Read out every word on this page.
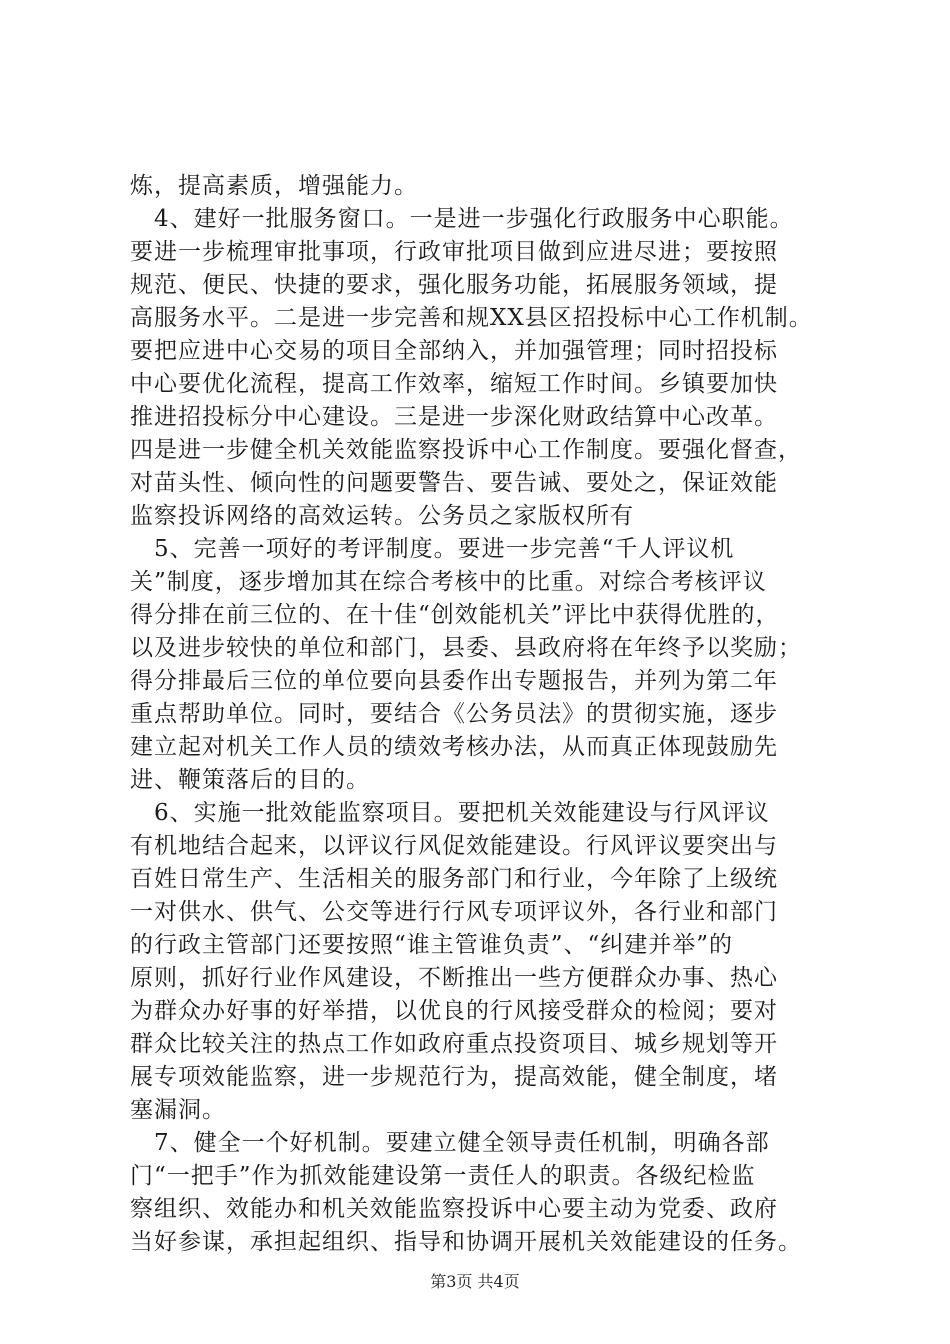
炼，提高素质，增强能力。
　4、建好一批服务窗口。一是进一步强化行政服务中心职能。
要进一步梳理审批事项，行政审批项目做到应进尽进；要按照
规范、便民、快捷的要求，强化服务功能，拓展服务领域，提
高服务水平。二是进一步完善和规XX县区招投标中心工作机制。
要把应进中心交易的项目全部纳入，并加强管理；同时招投标
中心要优化流程，提高工作效率，缩短工作时间。乡镇要加快
推进招投标分中心建设。三是进一步深化财政结算中心改革。
四是进一步健全机关效能监察投诉中心工作制度。要强化督查，
对苗头性、倾向性的问题要警告、要告诫、要处之，保证效能
监察投诉网络的高效运转。公务员之家版权所有
　5、完善一项好的考评制度。要进一步完善“千人评议机
关”制度，逐步增加其在综合考核中的比重。对综合考核评议
得分排在前三位的、在十佳“创效能机关”评比中获得优胜的，
以及进步较快的单位和部门，县委、县政府将在年终予以奖励；
得分排最后三位的单位要向县委作出专题报告，并列为第二年
重点帮助单位。同时，要结合《公务员法》的贯彻实施，逐步
建立起对机关工作人员的绩效考核办法，从而真正体现鼓励先
进、鞭策落后的目的。
　6、实施一批效能监察项目。要把机关效能建设与行风评议
有机地结合起来，以评议行风促效能建设。行风评议要突出与
百姓日常生产、生活相关的服务部门和行业，今年除了上级统
一对供水、供气、公交等进行行风专项评议外，各行业和部门
的行政主管部门还要按照“谁主管谁负责”、“纠建并举”的
原则，抓好行业作风建设，不断推出一些方便群众办事、热心
为群众办好事的好举措，以优良的行风接受群众的检阅；要对
群众比较关注的热点工作如政府重点投资项目、城乡规划等开
展专项效能监察，进一步规范行为，提高效能，健全制度，堵
塞漏洞。
　7、健全一个好机制。要建立健全领导责任机制，明确各部
门“一把手”作为抓效能建设第一责任人的职责。各级纪检监
察组织、效能办和机关效能监察投诉中心要主动为党委、政府
当好参谋，承担起组织、指导和协调开展机关效能建设的任务。
第3页 共4页
